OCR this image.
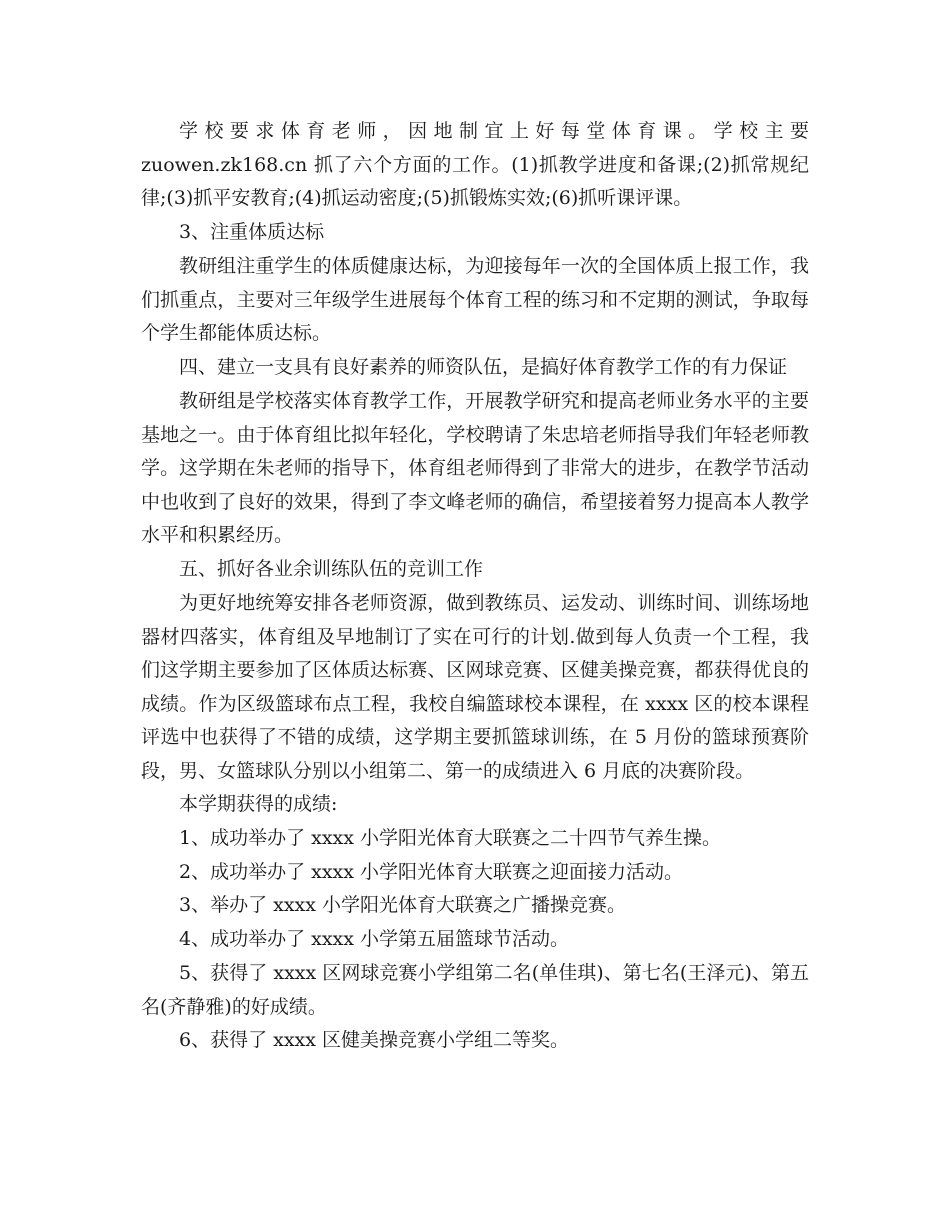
学校要求体育老师，因地制宜上好每堂体育课。学校主要 zuowen.zk168.cn 抓了六个方面的工作。(1)抓教学进度和备课;(2)抓常规纪律;(3)抓平安教育;(4)抓运动密度;(5)抓锻炼实效;(6)抓听课评课。

3、注重体质达标

教研组注重学生的体质健康达标，为迎接每年一次的全国体质上报工作，我们抓重点，主要对三年级学生进展每个体育工程的练习和不定期的测试，争取每个学生都能体质达标。

四、建立一支具有良好素养的师资队伍，是搞好体育教学工作的有力保证

教研组是学校落实体育教学工作，开展教学研究和提高老师业务水平的主要基地之一。由于体育组比拟年轻化，学校聘请了朱忠培老师指导我们年轻老师教学。这学期在朱老师的指导下，体育组老师得到了非常大的进步，在教学节活动中也收到了良好的效果，得到了李文峰老师的确信，希望接着努力提高本人教学水平和积累经历。

五、抓好各业余训练队伍的竞训工作

为更好地统筹安排各老师资源，做到教练员、运发动、训练时间、训练场地器材四落实，体育组及早地制订了实在可行的计划.做到每人负责一个工程，我们这学期主要参加了区体质达标赛、区网球竞赛、区健美操竞赛，都获得优良的成绩。作为区级篮球布点工程，我校自编篮球校本课程，在 xxxx 区的校本课程评选中也获得了不错的成绩，这学期主要抓篮球训练，在 5 月份的篮球预赛阶段，男、女篮球队分别以小组第二、第一的成绩进入 6 月底的决赛阶段。

本学期获得的成绩:

1、成功举办了 xxxx 小学阳光体育大联赛之二十四节气养生操。

2、成功举办了 xxxx 小学阳光体育大联赛之迎面接力活动。

3、举办了 xxxx 小学阳光体育大联赛之广播操竞赛。

4、成功举办了 xxxx 小学第五届篮球节活动。

5、获得了 xxxx 区网球竞赛小学组第二名(单佳琪)、第七名(王泽元)、第五名(齐静雅)的好成绩。

6、获得了 xxxx 区健美操竞赛小学组二等奖。
